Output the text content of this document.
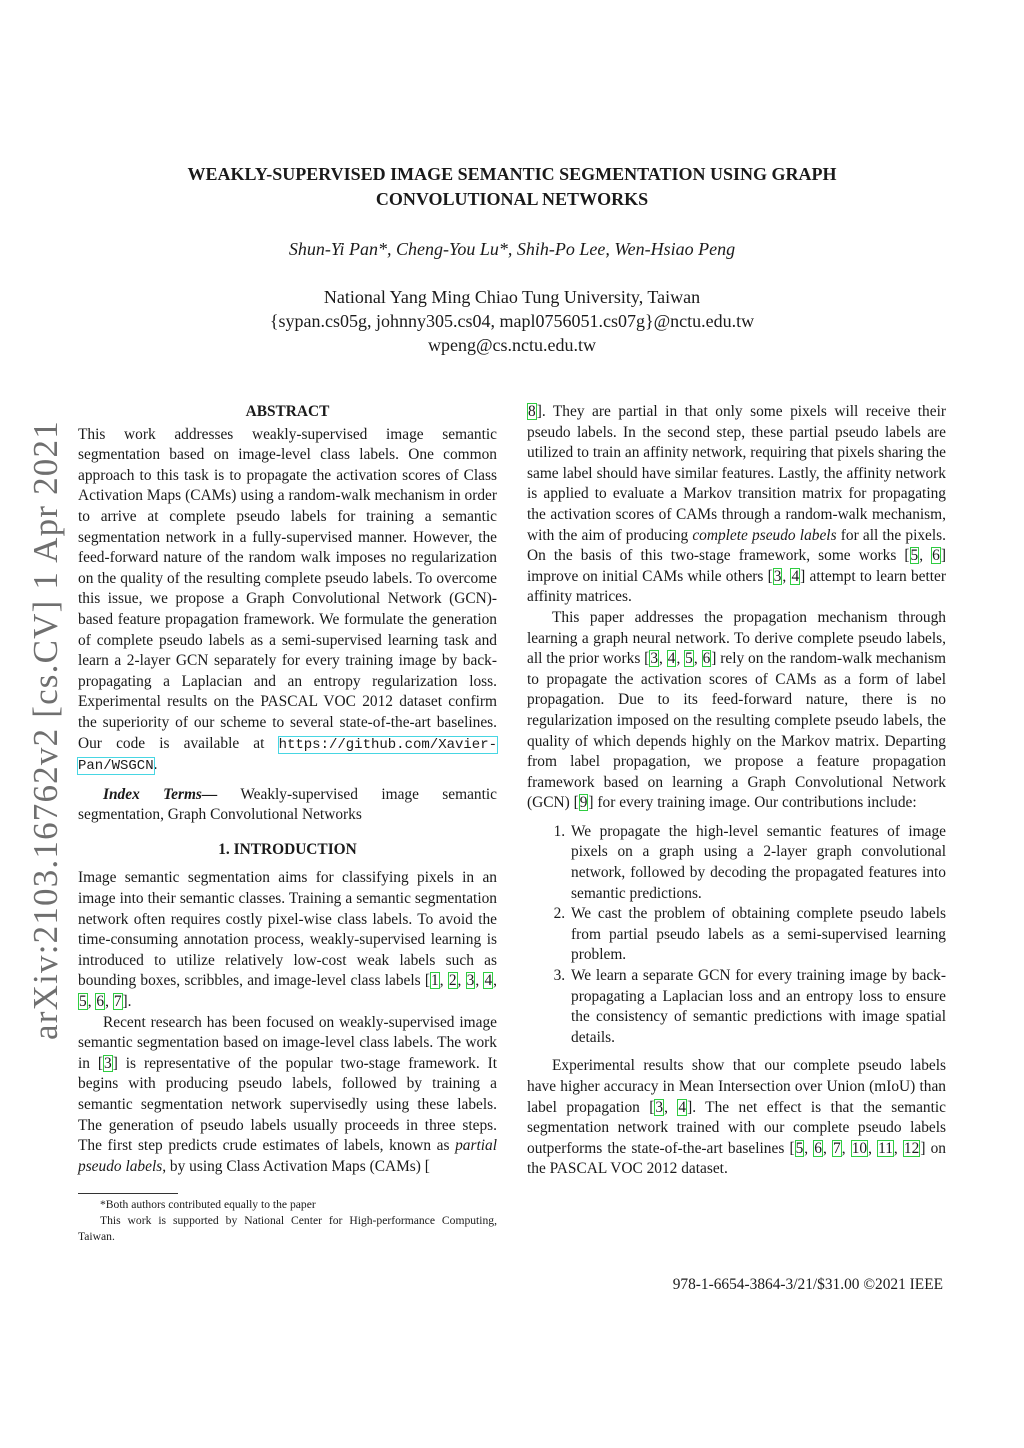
arXiv:2103.16762v2 [cs.CV] 1 Apr 2021
WEAKLY-SUPERVISED IMAGE SEMANTIC SEGMENTATION USING GRAPH
CONVOLUTIONAL NETWORKS
Shun-Yi Pan*, Cheng-You Lu*, Shih-Po Lee, Wen-Hsiao Peng
National Yang Ming Chiao Tung University, Taiwan
{sypan.cs05g, johnny305.cs04, mapl0756051.cs07g}@nctu.edu.tw
wpeng@cs.nctu.edu.tw
ABSTRACT

This work addresses weakly-supervised image semantic segmentation based on image-level class labels. One common approach to this task is to propagate the activation scores of Class Activation Maps (CAMs) using a random-walk mechanism in order to arrive at complete pseudo labels for training a semantic segmentation network in a fully-supervised manner. However, the feed-forward nature of the random walk imposes no regularization on the quality of the resulting complete pseudo labels. To overcome this issue, we propose a Graph Convolutional Network (GCN)-based feature propagation framework. We formulate the generation of complete pseudo labels as a semi-supervised learning task and learn a 2-layer GCN separately for every training image by back-propagating a Laplacian and an entropy regularization loss. Experimental results on the PASCAL VOC 2012 dataset confirm the superiority of our scheme to several state-of-the-art baselines. Our code is available at https://github.com/Xavier-Pan/WSGCN.

Index Terms— Weakly-supervised image semantic segmentation, Graph Convolutional Networks

1. INTRODUCTION

Image semantic segmentation aims for classifying pixels in an image into their semantic classes. Training a semantic segmentation network often requires costly pixel-wise class labels. To avoid the time-consuming annotation process, weakly-supervised learning is introduced to utilize relatively low-cost weak labels such as bounding boxes, scribbles, and image-level class labels [1, 2, 3, 4, 5, 6, 7].

Recent research has been focused on weakly-supervised image semantic segmentation based on image-level class labels. The work in [3] is representative of the popular two-stage framework. It begins with producing pseudo labels, followed by training a semantic segmentation network supervisedly using these labels. The generation of pseudo labels usually proceeds in three steps. The first step predicts crude estimates of labels, known as partial pseudo labels, by using Class Activation Maps (CAMs) [

8]. They are partial in that only some pixels will receive their pseudo labels. In the second step, these partial pseudo labels are utilized to train an affinity network, requiring that pixels sharing the same label should have similar features. Lastly, the affinity network is applied to evaluate a Markov transition matrix for propagating the activation scores of CAMs through a random-walk mechanism, with the aim of producing complete pseudo labels for all the pixels. On the basis of this two-stage framework, some works [5, 6] improve on initial CAMs while others [3, 4] attempt to learn better affinity matrices.

This paper addresses the propagation mechanism through learning a graph neural network. To derive complete pseudo labels, all the prior works [3, 4, 5, 6] rely on the random-walk mechanism to propagate the activation scores of CAMs as a form of label propagation. Due to its feed-forward nature, there is no regularization imposed on the resulting complete pseudo labels, the quality of which depends highly on the Markov matrix. Departing from label propagation, we propose a feature propagation framework based on learning a Graph Convolutional Network (GCN) [9] for every training image. Our contributions include:

1. We propagate the high-level semantic features of image pixels on a graph using a 2-layer graph convolutional network, followed by decoding the propagated features into semantic predictions.
2. We cast the problem of obtaining complete pseudo labels from partial pseudo labels as a semi-supervised learning problem.
3. We learn a separate GCN for every training image by back-propagating a Laplacian loss and an entropy loss to ensure the consistency of semantic predictions with image spatial details.

Experimental results show that our complete pseudo labels have higher accuracy in Mean Intersection over Union (mIoU) than label propagation [3, 4]. The net effect is that the semantic segmentation network trained with our complete pseudo labels outperforms the state-of-the-art baselines [5, 6, 7, 10, 11, 12] on the PASCAL VOC 2012 dataset.

*Both authors contributed equally to the paper
This work is supported by National Center for High-performance Computing, Taiwan.
978-1-6654-3864-3/21/$31.00 ©2021 IEEE
